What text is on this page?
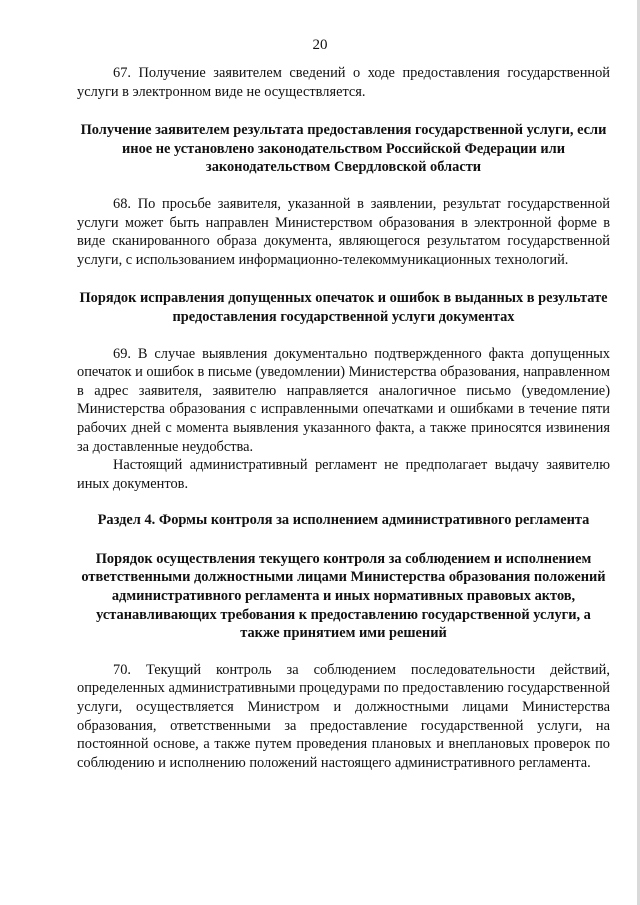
20

67. Получение заявителем сведений о ходе предоставления государственной услуги в электронном виде не осуществляется.

Получение заявителем результата предоставления государственной услуги, если иное не установлено законодательством Российской Федерации или законодательством Свердловской области

68. По просьбе заявителя, указанной в заявлении, результат государственной услуги может быть направлен Министерством образования в электронной форме в виде сканированного образа документа, являющегося результатом государственной услуги, с использованием информационно-телекоммуникационных технологий.

Порядок исправления допущенных опечаток и ошибок в выданных в результате предоставления государственной услуги документах

69. В случае выявления документально подтвержденного факта допущенных опечаток и ошибок в письме (уведомлении) Министерства образования, направленном в адрес заявителя, заявителю направляется аналогичное письмо (уведомление) Министерства образования с исправленными опечатками и ошибками в течение пяти рабочих дней с момента выявления указанного факта, а также приносятся извинения за доставленные неудобства.

Настоящий административный регламент не предполагает выдачу заявителю иных документов.

Раздел 4. Формы контроля за исполнением административного регламента

Порядок осуществления текущего контроля за соблюдением и исполнением ответственными должностными лицами Министерства образования положений административного регламента и иных нормативных правовых актов, устанавливающих требования к предоставлению государственной услуги, а также принятием ими решений

70. Текущий контроль за соблюдением последовательности действий, определенных административными процедурами по предоставлению государственной услуги, осуществляется Министром и должностными лицами Министерства образования, ответственными за предоставление государственной услуги, на постоянной основе, а также путем проведения плановых и внеплановых проверок по соблюдению и исполнению положений настоящего административного регламента.
